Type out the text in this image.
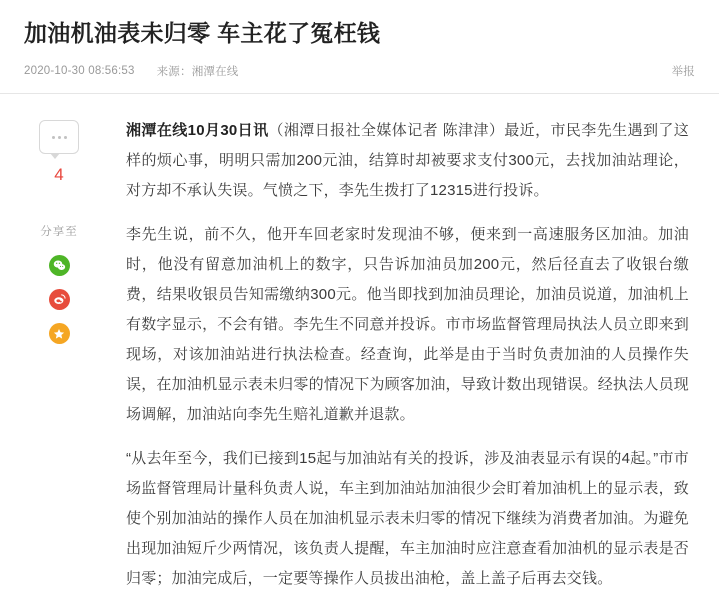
加油机油表未归零 车主花了冤枉钱
2020-10-30 08:56:53 来源：湘潭在线	举报
4
分享至

湘潭在线10月30日讯（湘潭日报社全媒体记者 陈津津）最近，市民李先生遇到了这样的烦心事，明明只需加200元油，结算时却被要求支付300元，去找加油站理论，对方却不承认失误。气愤之下，李先生拨打了12315进行投诉。

李先生说，前不久，他开车回老家时发现油不够，便来到一高速服务区加油。加油时，他没有留意加油机上的数字，只告诉加油员加200元，然后径直去了收银台缴费，结果收银员告知需缴纳300元。他当即找到加油员理论，加油员说道，加油机上有数字显示，不会有错。李先生不同意并投诉。市市场监督管理局执法人员立即来到现场，对该加油站进行执法检查。经查询，此举是由于当时负责加油的人员操作失误，在加油机显示表未归零的情况下为顾客加油，导致计数出现错误。经执法人员现场调解，加油站向李先生赔礼道歉并退款。

“从去年至今，我们已接到15起与加油站有关的投诉，涉及油表显示有误的4起。”市市场监督管理局计量科负责人说，车主到加油站加油很少会盯着加油机上的显示表，致使个别加油站的操作人员在加油机显示表未归零的情况下继续为消费者加油。为避免出现加油短斤少两情况，该负责人提醒，车主加油时应注意查看加油机的显示表是否归零；加油完成后，一定要等操作人员拔出油枪，盖上盖子后再去交钱。
